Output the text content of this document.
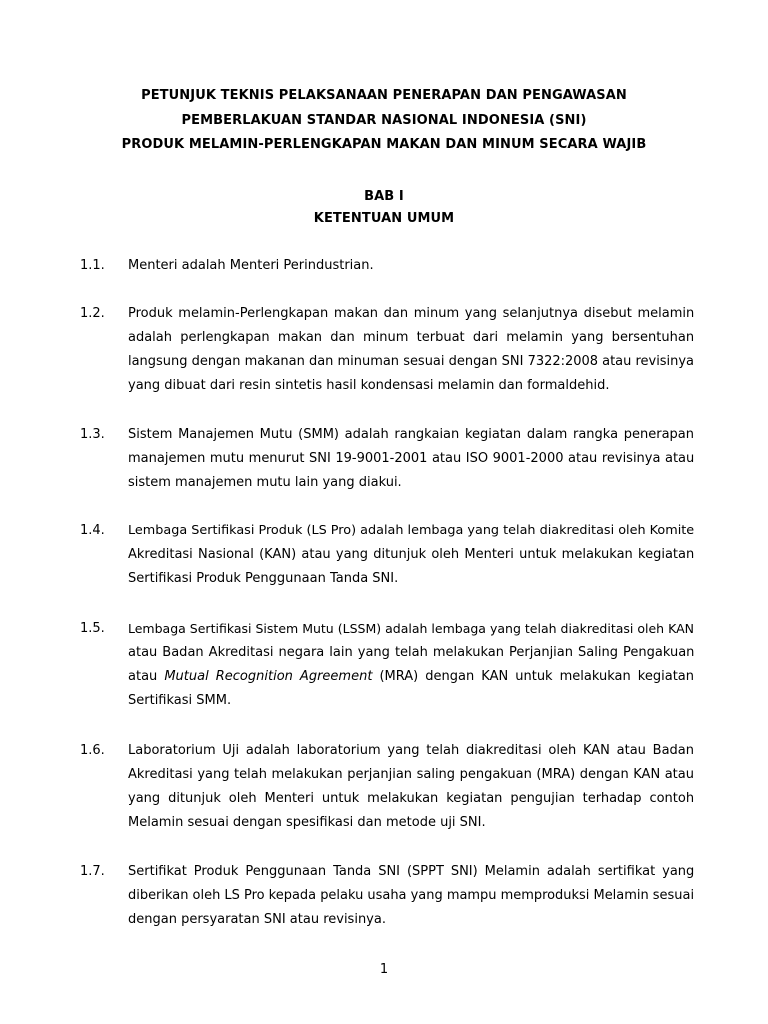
PETUNJUK TEKNIS PELAKSANAAN PENERAPAN DAN PENGAWASAN
PEMBERLAKUAN STANDAR NASIONAL INDONESIA (SNI)
PRODUK MELAMIN-PERLENGKAPAN MAKAN DAN MINUM SECARA WAJIB
BAB I
KETENTUAN UMUM
1.1. Menteri adalah Menteri Perindustrian.
1.2. Produk melamin-Perlengkapan makan dan minum yang selanjutnya disebut melamin
adalah perlengkapan makan dan minum terbuat dari melamin yang bersentuhan
langsung dengan makanan dan minuman sesuai dengan SNI 7322:2008 atau revisinya
yang dibuat dari resin sintetis hasil kondensasi melamin dan formaldehid.
1.3. Sistem Manajemen Mutu (SMM) adalah rangkaian kegiatan dalam rangka penerapan
manajemen mutu menurut SNI 19-9001-2001 atau ISO 9001-2000 atau revisinya atau
sistem manajemen mutu lain yang diakui.
1.4. Lembaga Sertifikasi Produk (LS Pro) adalah lembaga yang telah diakreditasi oleh Komite
Akreditasi Nasional (KAN) atau yang ditunjuk oleh Menteri untuk melakukan kegiatan
Sertifikasi Produk Penggunaan Tanda SNI.
1.5. Lembaga Sertifikasi Sistem Mutu (LSSM) adalah lembaga yang telah diakreditasi oleh KAN
atau Badan Akreditasi negara lain yang telah melakukan Perjanjian Saling Pengakuan
atau Mutual Recognition Agreement (MRA) dengan KAN untuk melakukan kegiatan
Sertifikasi SMM.
1.6. Laboratorium Uji adalah laboratorium yang telah diakreditasi oleh KAN atau Badan
Akreditasi yang telah melakukan perjanjian saling pengakuan (MRA) dengan KAN atau
yang ditunjuk oleh Menteri untuk melakukan kegiatan pengujian terhadap contoh
Melamin sesuai dengan spesifikasi dan metode uji SNI.
1.7. Sertifikat Produk Penggunaan Tanda SNI (SPPT SNI) Melamin adalah sertifikat yang
diberikan oleh LS Pro kepada pelaku usaha yang mampu memproduksi Melamin sesuai
dengan persyaratan SNI atau revisinya.
1
